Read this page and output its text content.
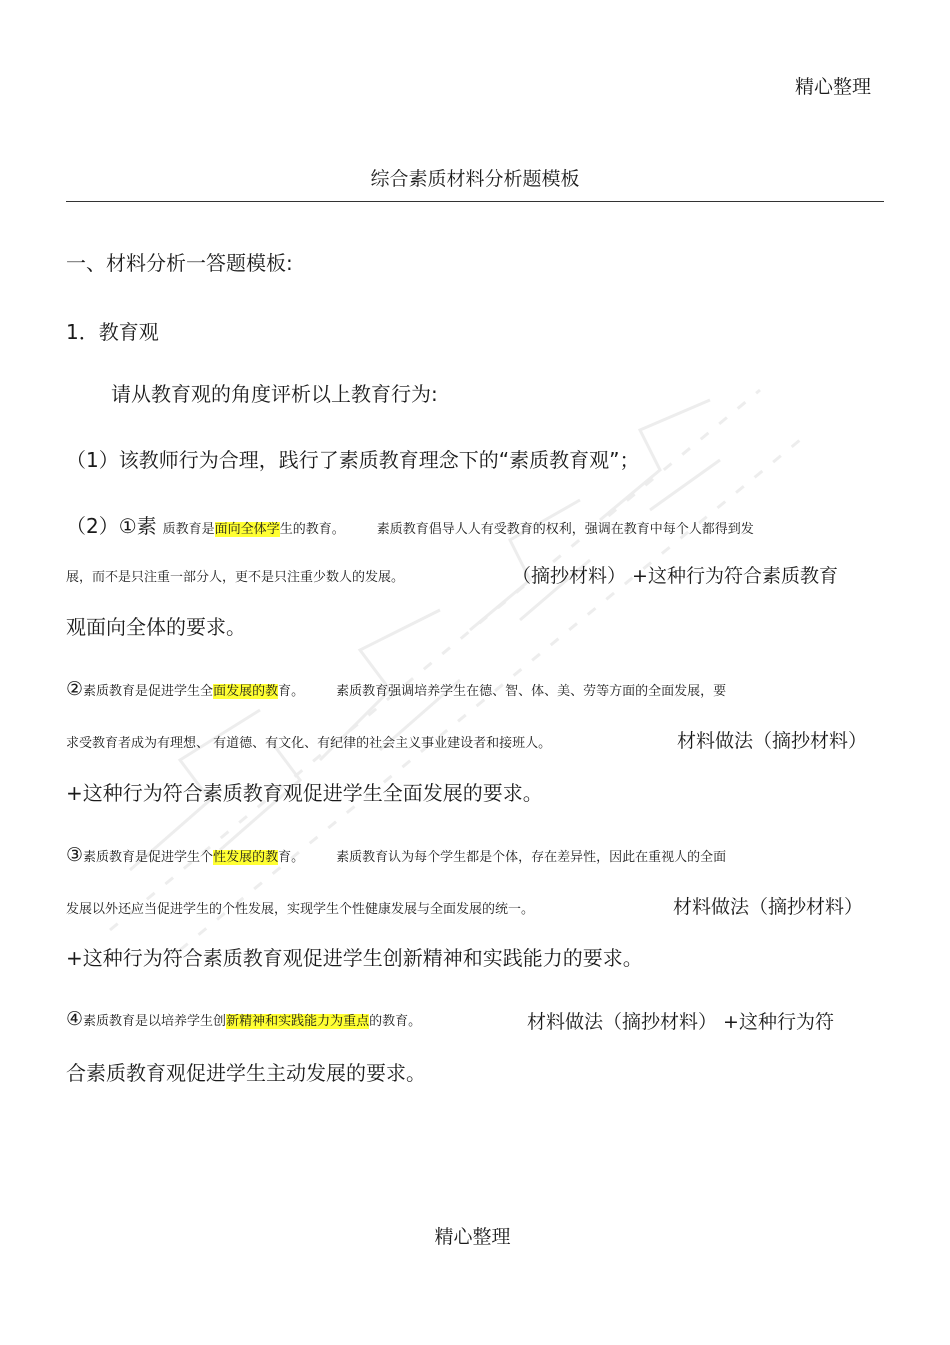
精心整理
综合素质材料分析题模板
一、材料分析一答题模板:
1．教育观
请从教育观的角度评析以上教育行为:
（1）该教师行为合理，践行了素质教育理念下的“素质教育观”；
（2）①素 质教育是面向全体学生的教育。 素质教育倡导人人有受教育的权利，强调在教育中每个人都得到发
展，而不是只注重一部分人，更不是只注重少数人的发展。	（摘抄材料） +这种行为符合素质教育
观面向全体的要求。
②素质教育是促进学生全面发展的教育。 素质教育强调培养学生在德、智、体、美、劳等方面的全面发展，要
求受教育者成为有理想、 有道德、有文化、有纪律的社会主义事业建设者和接班人。	材料做法（摘抄材料）
+这种行为符合素质教育观促进学生全面发展的要求。
③素质教育是促进学生个性发展的教育。 素质教育认为每个学生都是个体，存在差异性，因此在重视人的全面
发展以外还应当促进学生的个性发展，实现学生个性健康发展与全面发展的统一。	材料做法（摘抄材料）
+这种行为符合素质教育观促进学生创新精神和实践能力的要求。
④素质教育是以培养学生创新精神和实践能力为重点的教育。	材料做法（摘抄材料） +这种行为符
合素质教育观促进学生主动发展的要求。
精心整理
